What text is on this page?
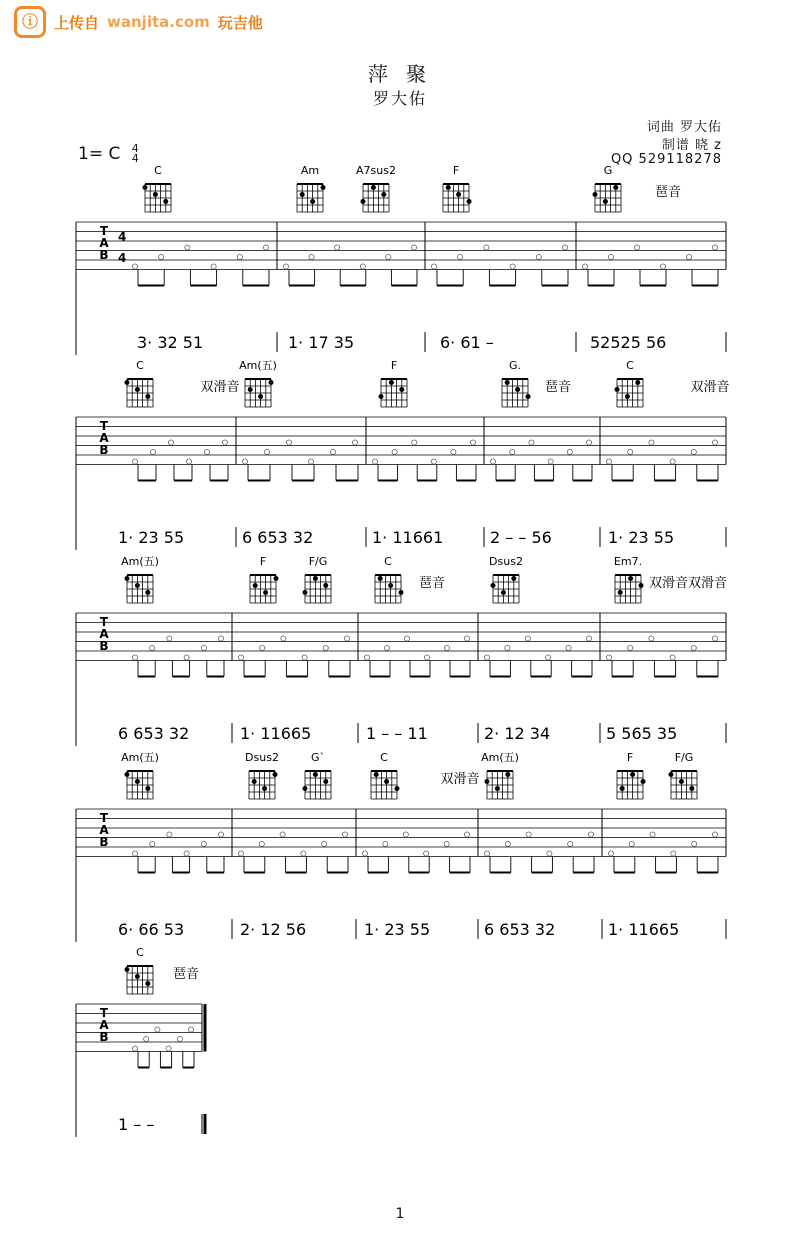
ⓘ	上传自 wanjita.com 玩吉他
萍 聚
罗大佑
词曲 罗大佑
制谱 晓 z
QQ 529118278
1= C 4
4
T
A
B
4
4
C	Am	A7sus2	F	G
琶音
3· 32 51	1· 17 35	6· 61 –	52525 56
T
A
B
C	Am(五)
双滑音
F	G.
琶音
C
双滑音
1· 23 55	6 653 32	1· 11661	2 – – 56	1· 23 55
T
A
B
Am(五)	F	F/G	C
琶音
Dsus2	Em7.
双滑音双滑音
6 653 32	1· 11665	1 – – 11	2· 12 34	5 565 35
T
A
B
Am(五)	Dsus2	G`	C	Am(五)
双滑音
F	F/G
6· 66 53	2· 12 56	1· 23 55	6 653 32	1· 11665
T
A
B
C
琶音
1 – –
1
